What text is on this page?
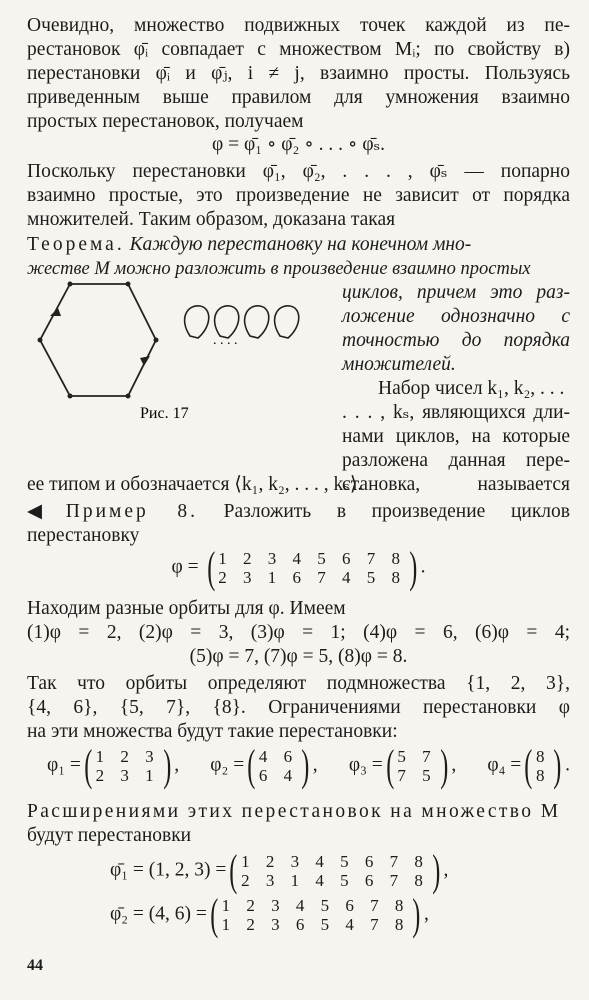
Очевидно, множество подвижных точек каждой из пе-
рестановок φ̄ᵢ совпадает с множеством Mᵢ; по свойству в)
перестановки φ̄ᵢ и φ̄ⱼ, i ≠ j, взаимно просты. Пользуясь
приведенным выше правилом для умножения взаимно
простых перестановок, получаем
φ = φ̄₁ ∘ φ̄₂ ∘ . . . ∘ φ̄ₛ.
Поскольку перестановки φ̄₁, φ̄₂, . . . , φ̄ₛ — попарно
взаимно простые, это произведение не зависит от порядка
множителей. Таким образом, доказана такая
Теорема. Каждую перестановку на конечном мно-
жестве M можно разложить в произведение взаимно простых
циклов, причем это раз-
ложение однозначно с
точностью до порядка
множителей.
Набор чисел k₁, k₂, . . .
. . . , kₛ, являющихся дли-
нами циклов, на которые
разложена данная пере-
становка, называется
ее типом и обозначается ⟨k₁, k₂, . . . , kₛ⟩.
. . . .
Рис. 17
◀Пример 8. Разложить в произведение циклов
перестановку
φ = ( 1 2 3 4 5 6 7 8
2 3 1 6 7 4 5 8 ) .
Находим разные орбиты для φ. Имеем
(1)φ = 2, (2)φ = 3, (3)φ = 1; (4)φ = 6, (6)φ = 4;
(5)φ = 7, (7)φ = 5, (8)φ = 8.
Так что орбиты определяют подмножества {1, 2, 3},
{4, 6}, {5, 7}, {8}. Ограничениями перестановки φ
на эти множества будут такие перестановки:
φ₁ = ( 1 2 3
2 3 1 ) , φ₂ = ( 4 6
6 4 ) , φ₃ = ( 5 7
7 5 ) , φ₄ = ( 8
8 ) .
Расширениями этих перестановок на множество M
будут перестановки
φ̄₁ = (1, 2, 3) = ( 1 2 3 4 5 6 7 8
2 3 1 4 5 6 7 8 ) ,
φ̄₂ = (4, 6) = ( 1 2 3 4 5 6 7 8
1 2 3 6 5 4 7 8 ) ,
44
